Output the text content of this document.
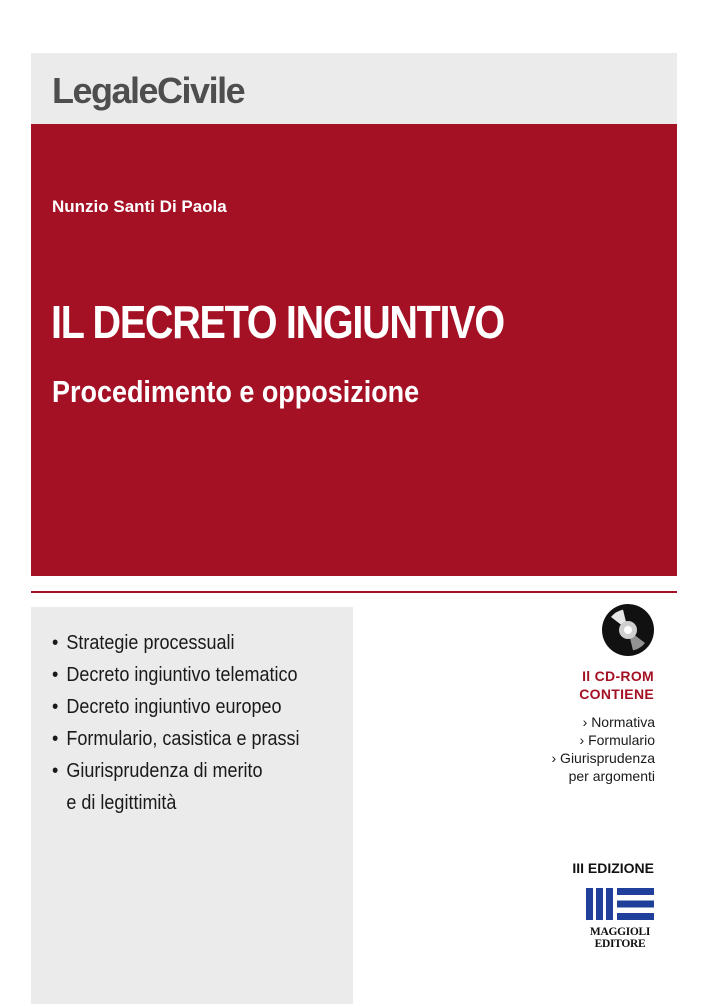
LegaleCivile
Nunzio Santi Di Paola
IL DECRETO INGIUNTIVO
Procedimento e opposizione
• Strategie processuali
• Decreto ingiuntivo telematico
• Decreto ingiuntivo europeo
• Formulario, casistica e prassi
• Giurisprudenza di merito
e di legittimità
Il CD-ROM
CONTIENE
› Normativa
› Formulario
› Giurisprudenza
per argomenti
III EDIZIONE
MAGGIOLI
EDITORE
